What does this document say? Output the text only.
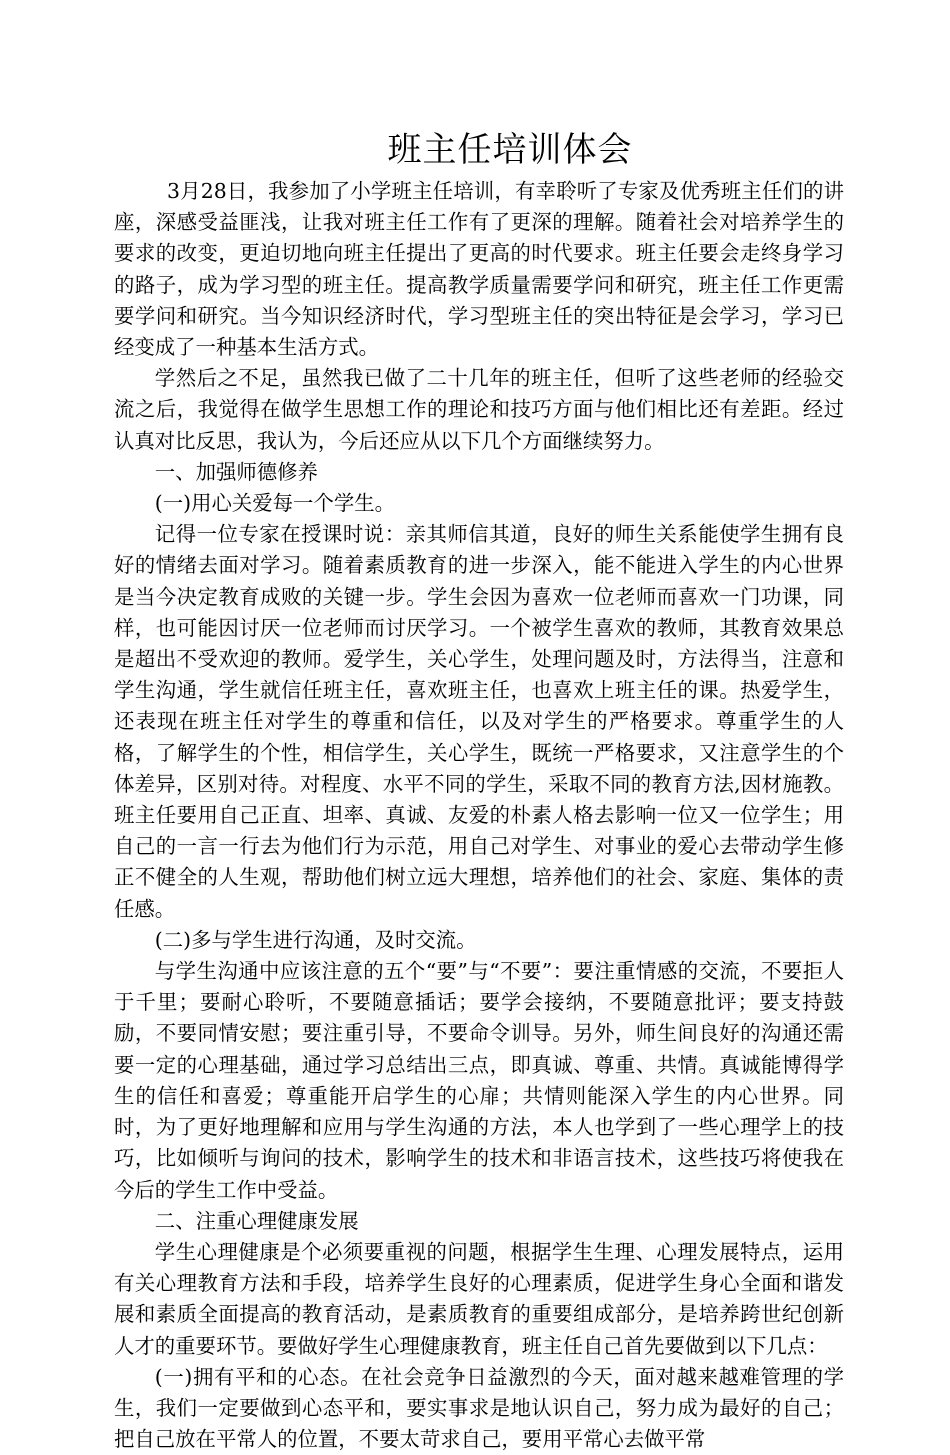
班主任培训体会

3月28日，我参加了小学班主任培训，有幸聆听了专家及优秀班主任们的讲座，深感受益匪浅，让我对班主任工作有了更深的理解。随着社会对培养学生的要求的改变，更迫切地向班主任提出了更高的时代要求。班主任要会走终身学习的路子，成为学习型的班主任。提高教学质量需要学问和研究，班主任工作更需要学问和研究。当今知识经济时代，学习型班主任的突出特征是会学习，学习已经变成了一种基本生活方式。

学然后之不足，虽然我已做了二十几年的班主任，但听了这些老师的经验交流之后，我觉得在做学生思想工作的理论和技巧方面与他们相比还有差距。经过认真对比反思，我认为，今后还应从以下几个方面继续努力。

一、加强师德修养

(一)用心关爱每一个学生。

记得一位专家在授课时说：亲其师信其道，良好的师生关系能使学生拥有良好的情绪去面对学习。随着素质教育的进一步深入，能不能进入学生的内心世界是当今决定教育成败的关键一步。学生会因为喜欢一位老师而喜欢一门功课，同样，也可能因讨厌一位老师而讨厌学习。一个被学生喜欢的教师，其教育效果总是超出不受欢迎的教师。爱学生，关心学生，处理问题及时，方法得当，注意和学生沟通，学生就信任班主任，喜欢班主任，也喜欢上班主任的课。热爱学生，还表现在班主任对学生的尊重和信任，以及对学生的严格要求。尊重学生的人格，了解学生的个性，相信学生，关心学生，既统一严格要求，又注意学生的个体差异，区别对待。对程度、水平不同的学生，采取不同的教育方法,因材施教。班主任要用自己正直、坦率、真诚、友爱的朴素人格去影响一位又一位学生；用自己的一言一行去为他们行为示范，用自己对学生、对事业的爱心去带动学生修正不健全的人生观，帮助他们树立远大理想，培养他们的社会、家庭、集体的责任感。

(二)多与学生进行沟通，及时交流。

与学生沟通中应该注意的五个“要”与“不要”：要注重情感的交流，不要拒人于千里；要耐心聆听，不要随意插话；要学会接纳，不要随意批评；要支持鼓励，不要同情安慰；要注重引导，不要命令训导。另外，师生间良好的沟通还需要一定的心理基础，通过学习总结出三点，即真诚、尊重、共情。真诚能博得学生的信任和喜爱；尊重能开启学生的心扉；共情则能深入学生的内心世界。同时，为了更好地理解和应用与学生沟通的方法，本人也学到了一些心理学上的技巧，比如倾听与询问的技术，影响学生的技术和非语言技术，这些技巧将使我在今后的学生工作中受益。

二、注重心理健康发展

学生心理健康是个必须要重视的问题，根据学生生理、心理发展特点，运用有关心理教育方法和手段，培养学生良好的心理素质，促进学生身心全面和谐发展和素质全面提高的教育活动，是素质教育的重要组成部分，是培养跨世纪创新人才的重要环节。要做好学生心理健康教育，班主任自己首先要做到以下几点：

(一)拥有平和的心态。在社会竞争日益激烈的今天，面对越来越难管理的学生，我们一定要做到心态平和，要实事求是地认识自己，努力成为最好的自己；把自己放在平常人的位置，不要太苛求自己，要用平常心去做平常
